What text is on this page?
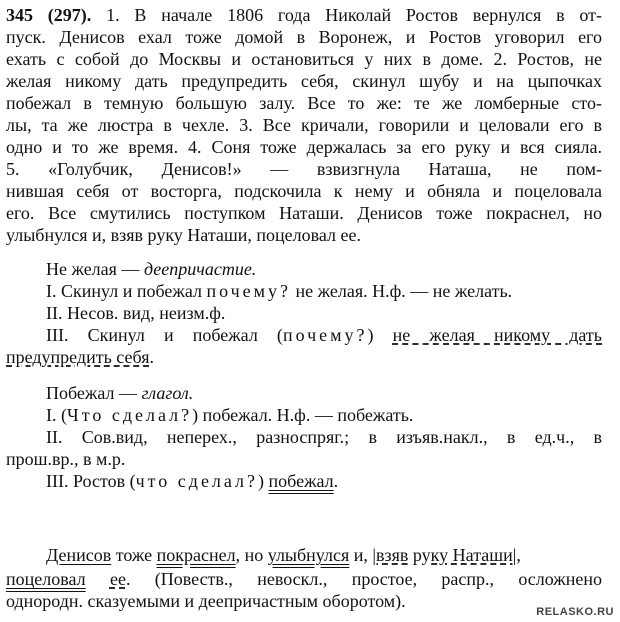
345 (297). 1. В начале 1806 года Николай Ростов вернулся в от-
пуск. Денисов ехал тоже домой в Воронеж, и Ростов уговорил его
ехать с собой до Москвы и остановиться у них в доме. 2. Ростов, не
желая никому дать предупредить себя, скинул шубу и на цыпочках
побежал в темную большую залу. Все то же: те же ломберные сто-
лы, та же люстра в чехле. 3. Все кричали, говорили и целовали его в
одно и то же время. 4. Соня тоже держалась за его руку и вся сияла.
5. «Голубчик, Денисов!» — взвизгнула Наташа, не пом-
нившая себя от восторга, подскочила к нему и обняла и поцеловала
его. Все смутились поступком Наташи. Денисов тоже покраснел, но
улыбнулся и, взяв руку Наташи, поцеловал ее.
Не желая — деепричастие.
I. Скинул и побежал почему? не желая. Н.ф. — не желать.
II. Несов. вид, неизм.ф.
III. Скинул и побежал (почему?) не желая никому дать
предупредить себя.
Побежал — глагол.
I. (Что сделал?) побежал. Н.ф. — побежать.
II. Сов.вид, неперех., разноспряг.; в изъяв.накл., в ед.ч., в
прош.вр., в м.р.
III. Ростов (что сделал?) побежал.
Денисов тоже покраснел, но улыбнулся и, |взяв руку Наташи|,
поцеловал ее. (Повеств., невоскл., простое, распр., осложнено
однородн. сказуемыми и деепричастным оборотом).
RELASKO.RU
